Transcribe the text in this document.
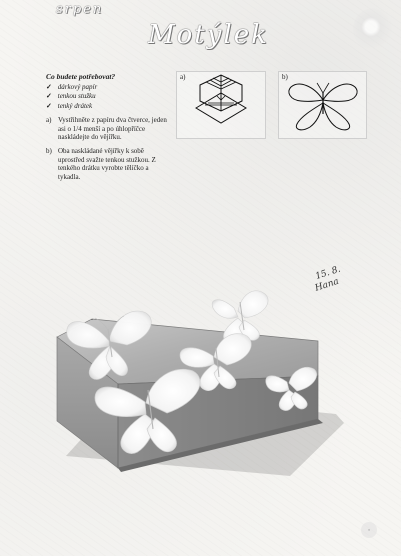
srpen
Motýlek
Co budete potřebovat?
✓ dárkový papír
✓ tenkou stužku
✓ tenký drátek
a) Vystřihněte z papíru dva čtverce, jeden asi o 1/4 menší a po úhlopříčce naskládejte do vějířku.
b) Oba naskládané vějířky k sobě uprostřed svažte tenkou stužkou. Z tenkého drátku vyrobte tělíčko a tykadla.
a)	b)
15. 8.
Hana
◦
